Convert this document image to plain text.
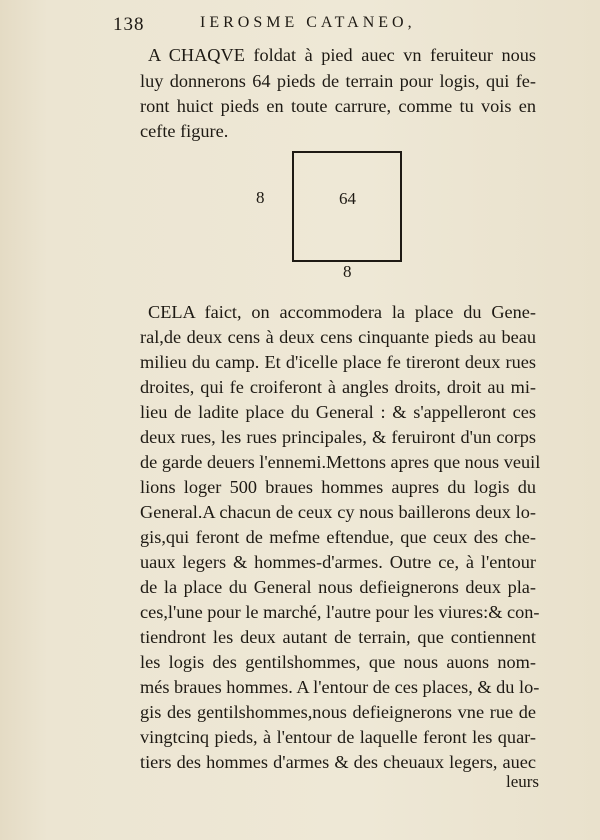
138	IEROSME CATANEO,
A CHAQVE foldat à pied auec vn feruiteur nous
luy donnerons 64 pieds de terrain pour logis, qui fe-
ront huict pieds en toute carrure, comme tu vois en
cefte figure.
8	64
8
CELA faict, on accommodera la place du Gene-
ral,de deux cens à deux cens cinquante pieds au beau
milieu du camp. Et d'icelle place fe tireront deux rues
droites, qui fe croiferont à angles droits, droit au mi-
lieu de ladite place du General : & s'appelleront ces
deux rues, les rues principales, & feruiront d'un corps
de garde deuers l'ennemi.Mettons apres que nous veuil
lions loger 500 braues hommes aupres du logis du
General.A chacun de ceux cy nous baillerons deux lo-
gis,qui feront de mefme eftendue, que ceux des che-
uaux legers & hommes-d'armes. Outre ce, à l'entour
de la place du General nous defieignerons deux pla-
ces,l'une pour le marché, l'autre pour les viures:& con-
tiendront les deux autant de terrain, que contiennent
les logis des gentilshommes, que nous auons nom-
més braues hommes. A l'entour de ces places, & du lo-
gis des gentilshommes,nous defieignerons vne rue de
vingtcinq pieds, à l'entour de laquelle feront les quar-
tiers des hommes d'armes & des cheuaux legers, auec
leurs
